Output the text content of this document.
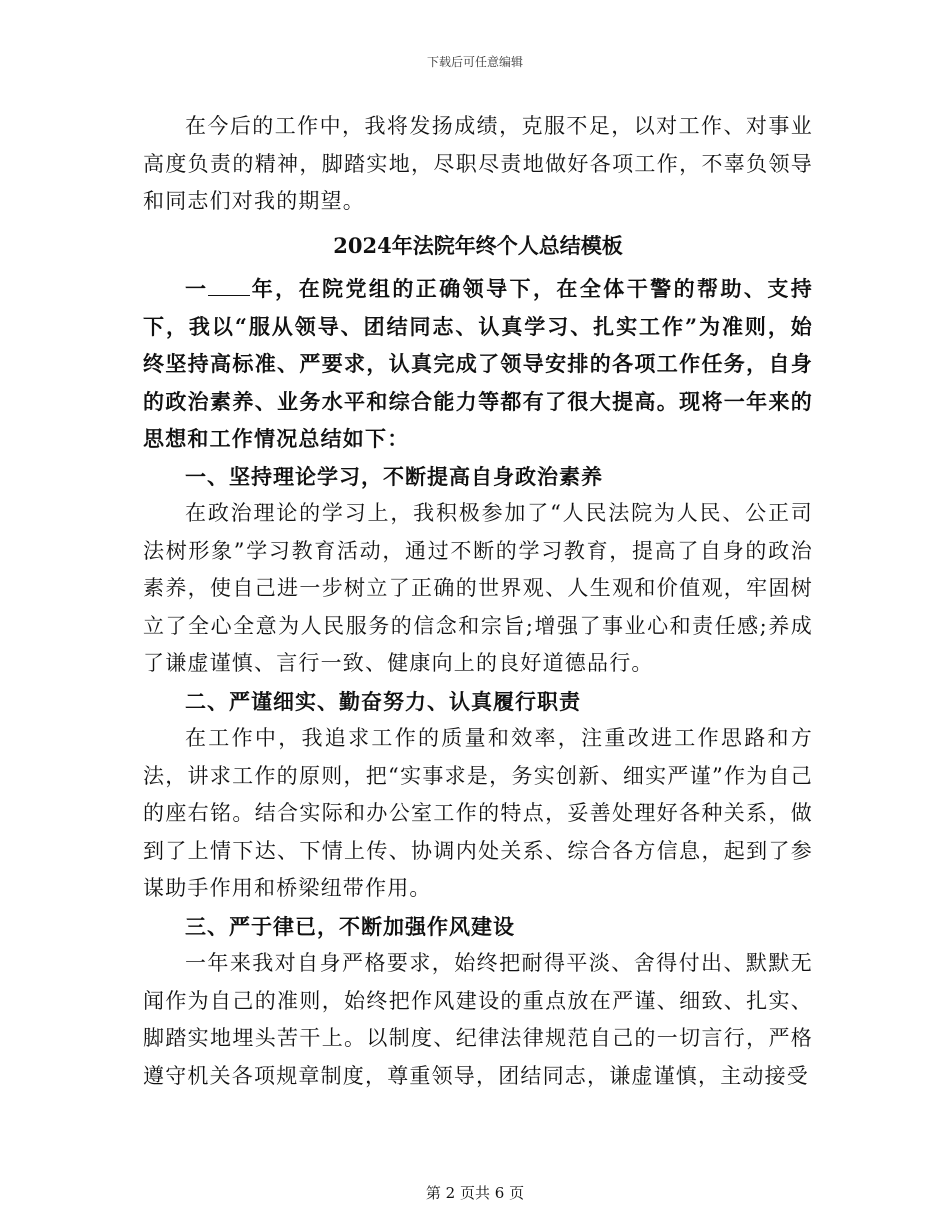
下载后可任意编辑

在今后的工作中，我将发扬成绩，克服不足，以对工作、对事业高度负责的精神，脚踏实地，尽职尽责地做好各项工作，不辜负领导和同志们对我的期望。

2024年法院年终个人总结模板

一 年，在院党组的正确领导下，在全体干警的帮助、支持下，我以“服从领导、团结同志、认真学习、扎实工作”为准则，始终坚持高标准、严要求，认真完成了领导安排的各项工作任务，自身的政治素养、业务水平和综合能力等都有了很大提高。现将一年来的思想和工作情况总结如下：

一、坚持理论学习，不断提高自身政治素养

在政治理论的学习上，我积极参加了“人民法院为人民、公正司法树形象”学习教育活动，通过不断的学习教育，提高了自身的政治素养，使自己进一步树立了正确的世界观、人生观和价值观，牢固树立了全心全意为人民服务的信念和宗旨;增强了事业心和责任感;养成了谦虚谨慎、言行一致、健康向上的良好道德品行。

二、严谨细实、勤奋努力、认真履行职责

在工作中，我追求工作的质量和效率，注重改进工作思路和方法，讲求工作的原则，把“实事求是，务实创新、细实严谨”作为自己的座右铭。结合实际和办公室工作的特点，妥善处理好各种关系，做到了上情下达、下情上传、协调内处关系、综合各方信息，起到了参谋助手作用和桥梁纽带作用。

三、严于律已，不断加强作风建设

一年来我对自身严格要求，始终把耐得平淡、舍得付出、默默无闻作为自己的准则，始终把作风建设的重点放在严谨、细致、扎实、脚踏实地埋头苦干上。以制度、纪律法律规范自己的一切言行，严格遵守机关各项规章制度，尊重领导，团结同志，谦虚谨慎，主动接受

第 2 页共 6 页
